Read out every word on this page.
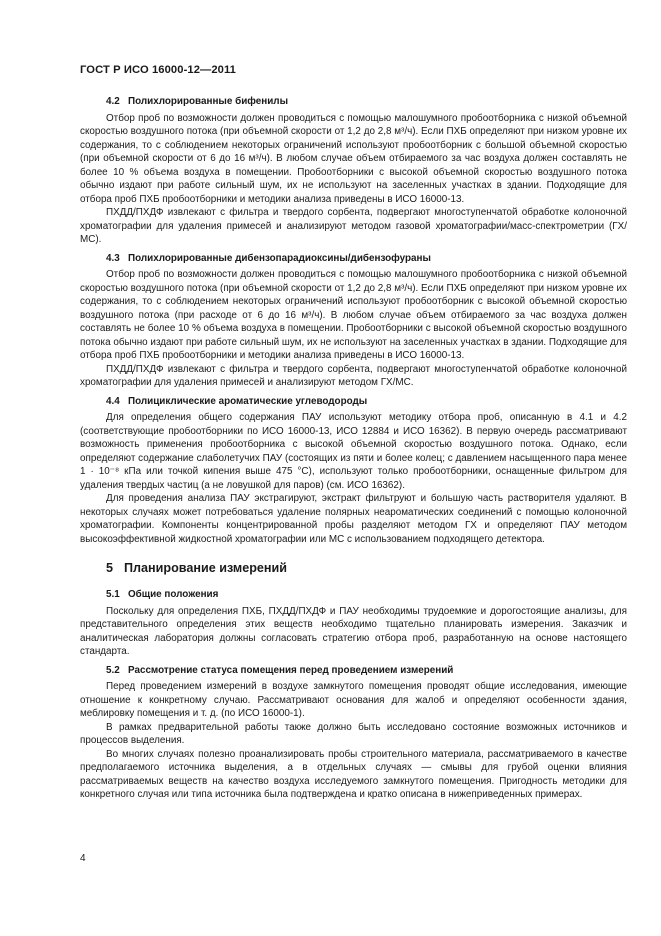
ГОСТ Р ИСО 16000-12—2011

4.2 Полихлорированные бифенилы

Отбор проб по возможности должен проводиться с помощью малошумного пробоотборника с низкой объемной скоростью воздушного потока (при объемной скорости от 1,2 до 2,8 м³/ч). Если ПХБ определяют при низком уровне их содержания, то с соблюдением некоторых ограничений используют пробоотборник с большой объемной скоростью (при объемной скорости от 6 до 16 м³/ч). В любом случае объем отбираемого за час воздуха должен составлять не более 10 % объема воздуха в помещении. Пробоотборники с высокой объемной скоростью воздушного потока обычно издают при работе сильный шум, их не используют на заселенных участках в здании. Подходящие для отбора проб ПХБ пробоотборники и методики анализа приведены в ИСО 16000-13.

ПХДД/ПХДФ извлекают с фильтра и твердого сорбента, подвергают многоступенчатой обработке колоночной хроматографии для удаления примесей и анализируют методом газовой хроматографии/масс-спектрометрии (ГХ/МС).

4.3 Полихлорированные дибензопарадиоксины/дибензофураны

Отбор проб по возможности должен проводиться с помощью малошумного пробоотборника с низкой объемной скоростью воздушного потока (при объемной скорости от 1,2 до 2,8 м³/ч). Если ПХБ определяют при низком уровне их содержания, то с соблюдением некоторых ограничений используют пробоотборник с высокой объемной скоростью воздушного потока (при расходе от 6 до 16 м³/ч). В любом случае объем отбираемого за час воздуха должен составлять не более 10 % объема воздуха в помещении. Пробоотборники с высокой объемной скоростью воздушного потока обычно издают при работе сильный шум, их не используют на заселенных участках в здании. Подходящие для отбора проб ПХБ пробоотборники и методики анализа приведены в ИСО 16000-13.

ПХДД/ПХДФ извлекают с фильтра и твердого сорбента, подвергают многоступенчатой обработке колоночной хроматографии для удаления примесей и анализируют методом ГХ/МС.

4.4 Полициклические ароматические углеводороды

Для определения общего содержания ПАУ используют методику отбора проб, описанную в 4.1 и 4.2 (соответствующие пробоотборники по ИСО 16000-13, ИСО 12884 и ИСО 16362). В первую очередь рассматривают возможность применения пробоотборника с высокой объемной скоростью воздушного потока. Однако, если определяют содержание слаболетучих ПАУ (состоящих из пяти и более колец; с давлением насыщенного пара менее 1 · 10⁻⁸ кПа или точкой кипения выше 475 °С), используют только пробоотборники, оснащенные фильтром для удаления твердых частиц (а не ловушкой для паров) (см. ИСО 16362).

Для проведения анализа ПАУ экстрагируют, экстракт фильтруют и большую часть растворителя удаляют. В некоторых случаях может потребоваться удаление полярных неароматических соединений с помощью колоночной хроматографии. Компоненты концентрированной пробы разделяют методом ГХ и определяют ПАУ методом высокоэффективной жидкостной хроматографии или МС с использованием подходящего детектора.

5 Планирование измерений

5.1 Общие положения

Поскольку для определения ПХБ, ПХДД/ПХДФ и ПАУ необходимы трудоемкие и дорогостоящие анализы, для представительного определения этих веществ необходимо тщательно планировать измерения. Заказчик и аналитическая лаборатория должны согласовать стратегию отбора проб, разработанную на основе настоящего стандарта.

5.2 Рассмотрение статуса помещения перед проведением измерений

Перед проведением измерений в воздухе замкнутого помещения проводят общие исследования, имеющие отношение к конкретному случаю. Рассматривают основания для жалоб и определяют особенности здания, меблировку помещения и т. д. (по ИСО 16000-1).

В рамках предварительной работы также должно быть исследовано состояние возможных источников и процессов выделения.

Во многих случаях полезно проанализировать пробы строительного материала, рассматриваемого в качестве предполагаемого источника выделения, а в отдельных случаях — смывы для грубой оценки влияния рассматриваемых веществ на качество воздуха исследуемого замкнутого помещения. Пригодность методики для конкретного случая или типа источника была подтверждена и кратко описана в нижеприведенных примерах.

4
